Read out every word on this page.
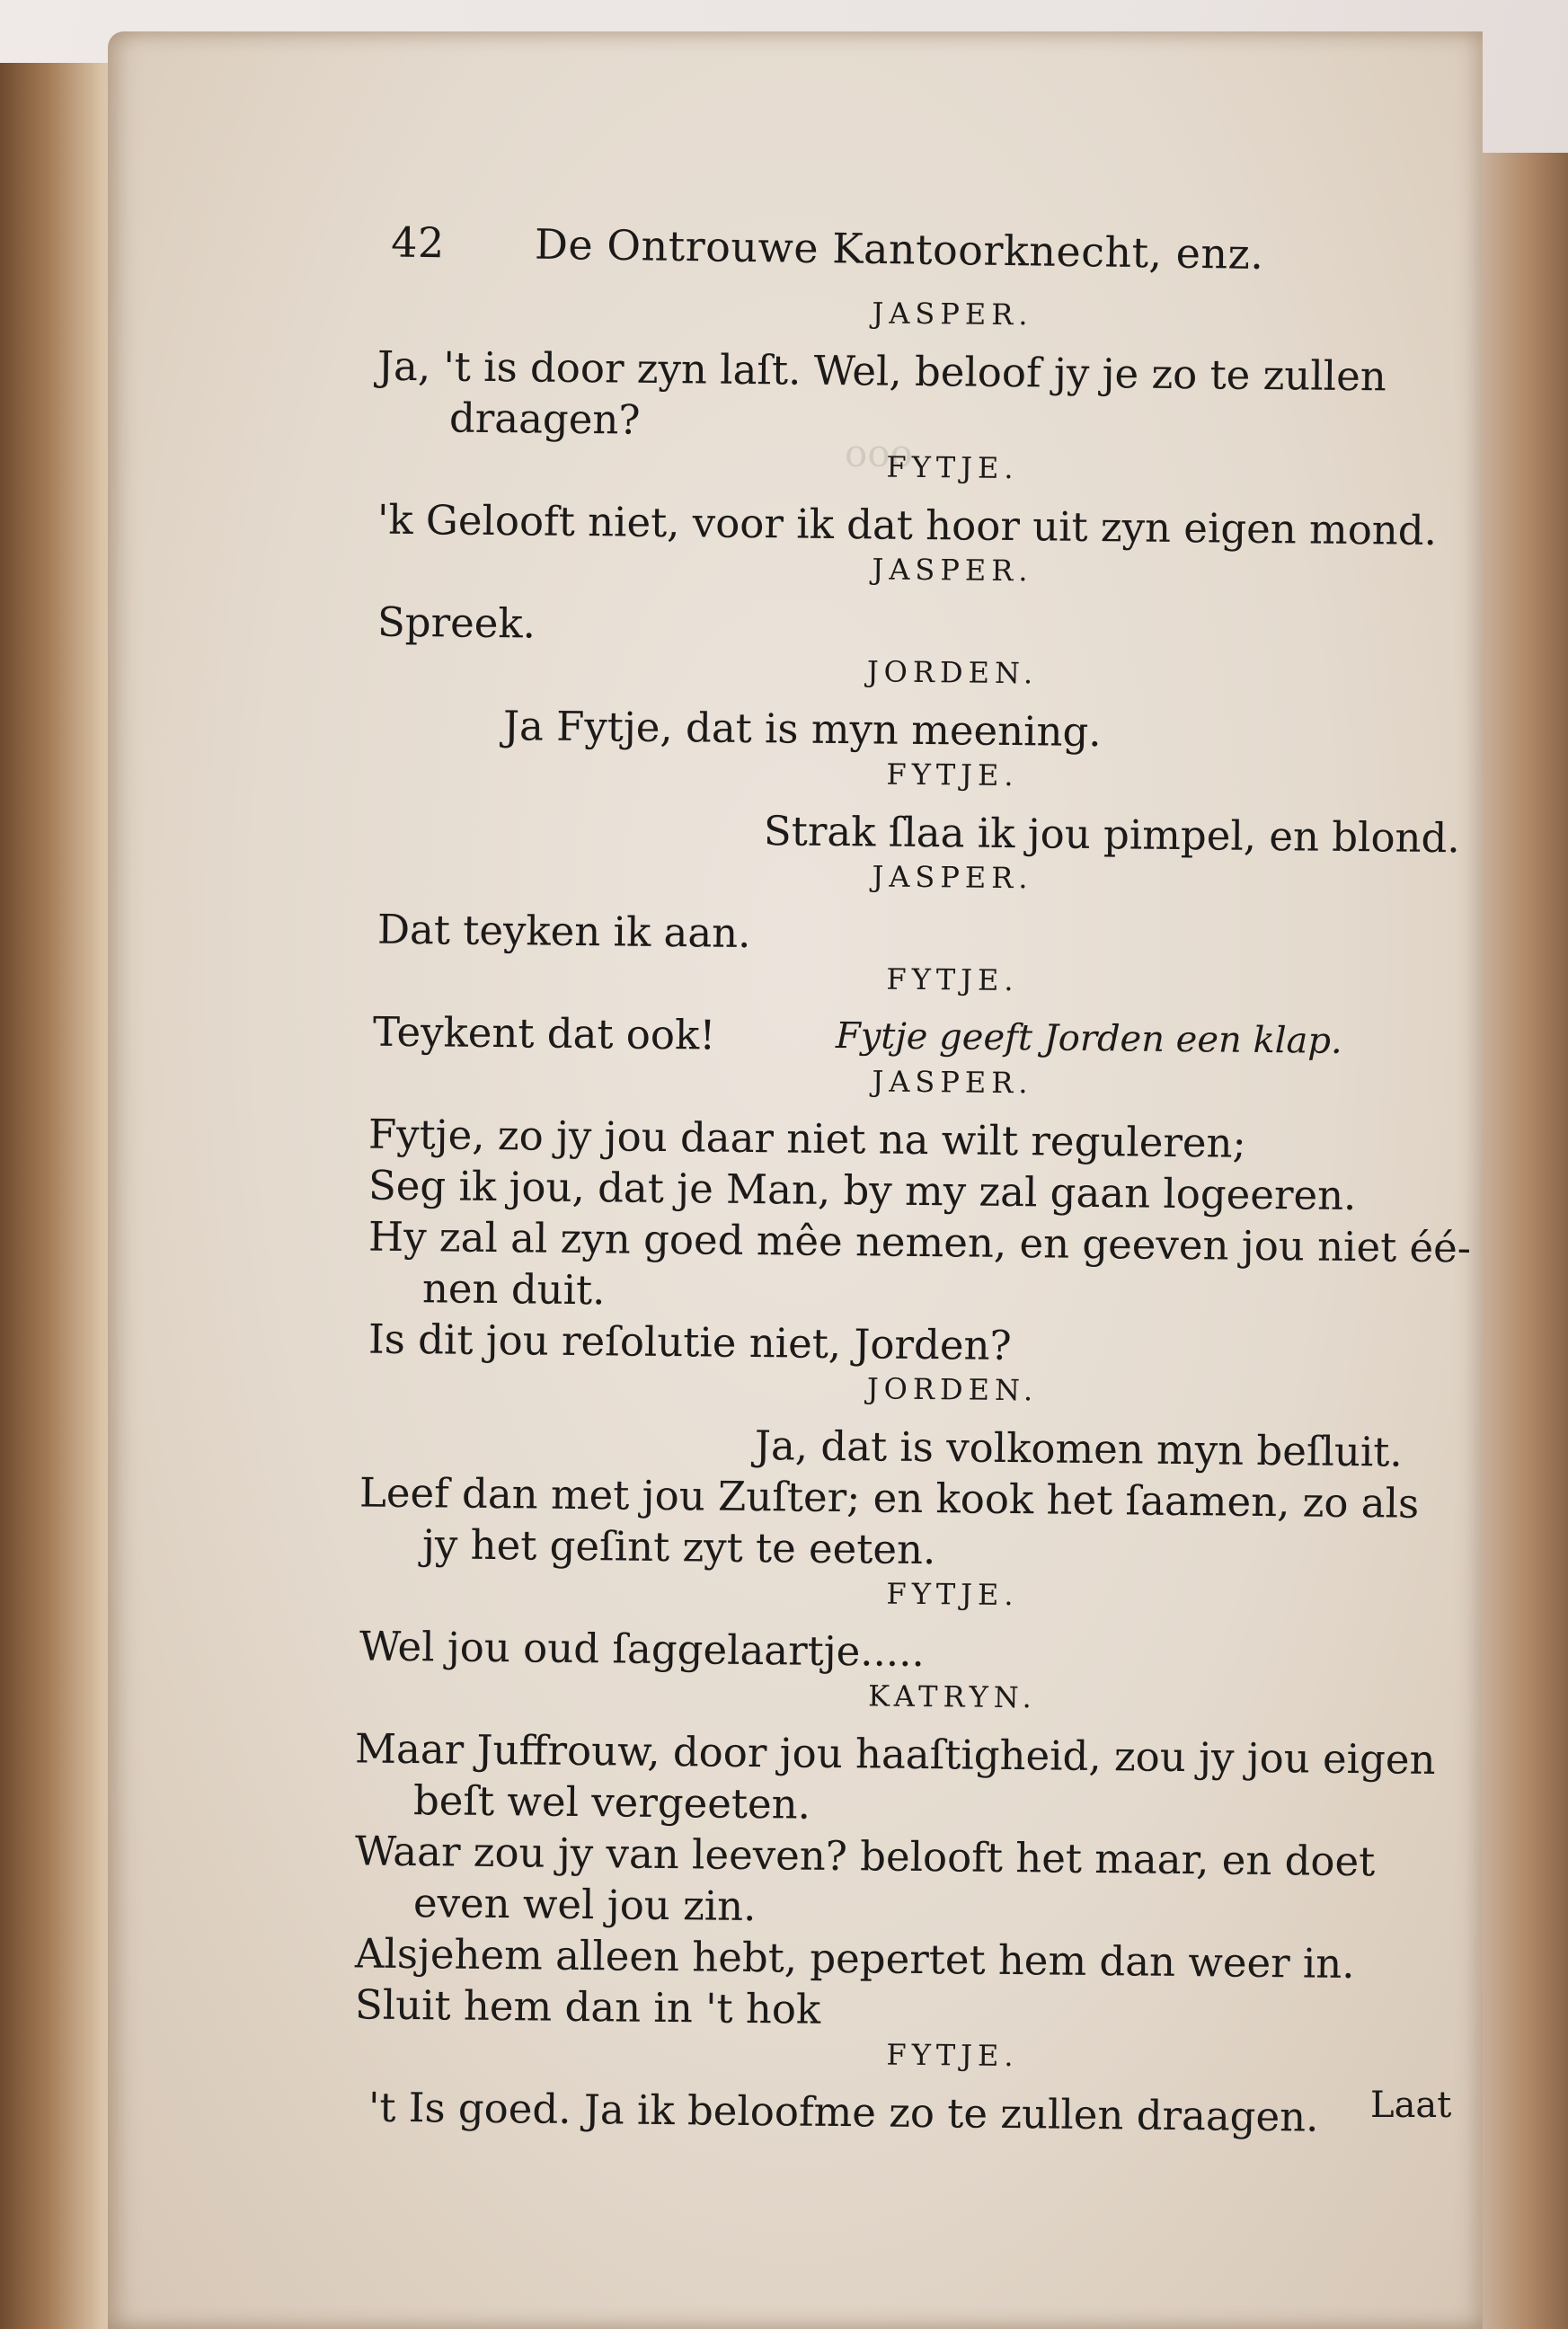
ooo
42 De Ontrouwe Kantoorknecht, enz.
JASPER.
Ja, 't is door zyn laſt. Wel, beloof jy je zo te zullen
draagen?
FYTJE.
'k Gelooft niet, voor ik dat hoor uit zyn eigen mond.
JASPER.
Spreek.
JORDEN.
Ja Fytje, dat is myn meening.
FYTJE.
Strak ſlaa ik jou pimpel, en blond.
JASPER.
Dat teyken ik aan.
FYTJE.
Teykent dat ook!	Fytje geeft Jorden een klap.
JASPER.
Fytje, zo jy jou daar niet na wilt reguleren;
Seg ik jou, dat je Man, by my zal gaan logeeren.
Hy zal al zyn goed mêe nemen, en geeven jou niet éé-
nen duit.
Is dit jou reſolutie niet, Jorden?
JORDEN.
Ja, dat is volkomen myn beſluit.
Leef dan met jou Zuſter; en kook het ſaamen, zo als
jy het geſint zyt te eeten.
FYTJE.
Wel jou oud ſaggelaartje.....
KATRYN.
Maar Juffrouw, door jou haaſtigheid, zou jy jou eigen
beſt wel vergeeten.
Waar zou jy van leeven? belooft het maar, en doet
even wel jou zin.
Alsjehem alleen hebt, pepertet hem dan weer in.
Sluit hem dan in 't hok
FYTJE.
't Is goed. Ja ik beloofme zo te zullen draagen.	Laat
